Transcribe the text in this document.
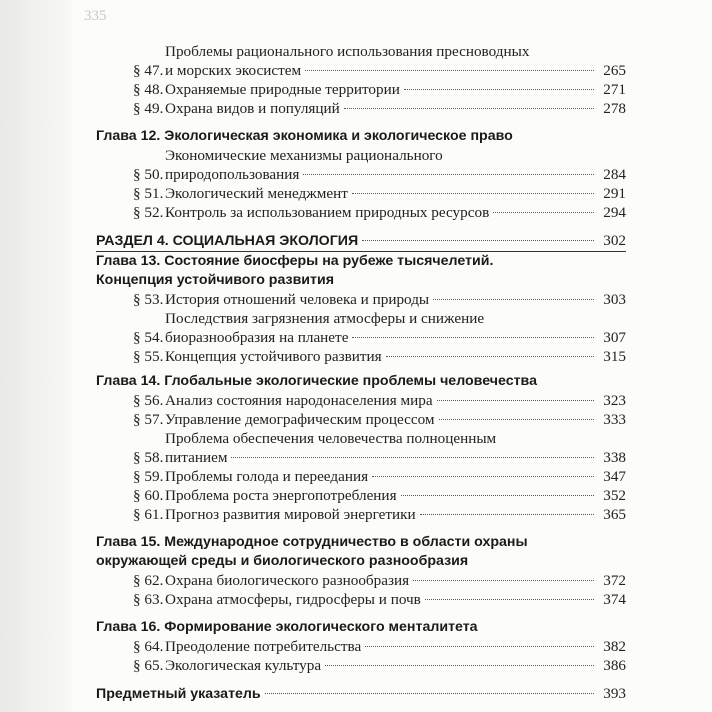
335
§ 47.
Проблемы рационального использования пресноводных
и морских экосистем	265
§ 48. Охраняемые природные территории	271
§ 49. Охрана видов и популяций	278
Глава 12. Экологическая экономика и экологическое право
§ 50.
Экономические механизмы рационального
природопользования	284
§ 51. Экологический менеджмент	291
§ 52. Контроль за использованием природных ресурсов	294
РАЗДЕЛ 4. СОЦИАЛЬНАЯ ЭКОЛОГИЯ	302
Глава 13. Состояние биосферы на рубеже тысячелетий.
Концепция устойчивого развития
§ 53. История отношений человека и природы	303
§ 54.
Последствия загрязнения атмосферы и снижение
биоразнообразия на планете	307
§ 55. Концепция устойчивого развития	315
Глава 14. Глобальные экологические проблемы человечества
§ 56. Анализ состояния народонаселения мира	323
§ 57. Управление демографическим процессом	333
§ 58.
Проблема обеспечения человечества полноценным
питанием	338
§ 59. Проблемы голода и переедания	347
§ 60. Проблема роста энергопотребления	352
§ 61. Прогноз развития мировой энергетики	365
Глава 15. Международное сотрудничество в области охраны
окружающей среды и биологического разнообразия
§ 62. Охрана биологического разнообразия	372
§ 63. Охрана атмосферы, гидросферы и почв	374
Глава 16. Формирование экологического менталитета
§ 64. Преодоление потребительства	382
§ 65. Экологическая культура	386
Предметный указатель	393
